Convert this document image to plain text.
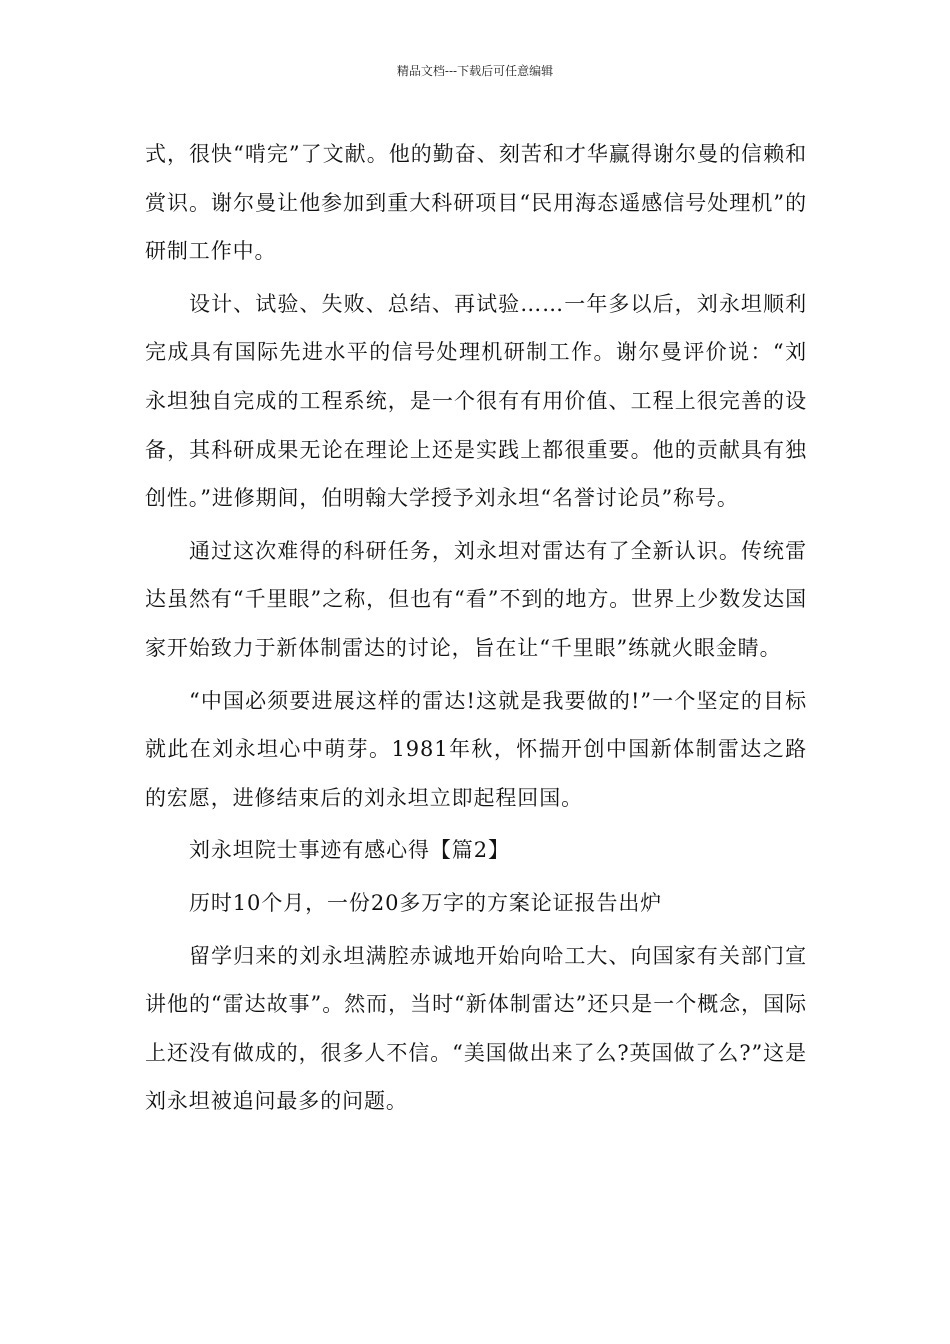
精品文档---下载后可任意编辑

式，很快“啃完”了文献。他的勤奋、刻苦和才华赢得谢尔曼的信赖和赏识。谢尔曼让他参加到重大科研项目“民用海态遥感信号处理机”的研制工作中。

设计、试验、失败、总结、再试验……一年多以后，刘永坦顺利完成具有国际先进水平的信号处理机研制工作。谢尔曼评价说：“刘永坦独自完成的工程系统，是一个很有有用价值、工程上很完善的设备，其科研成果无论在理论上还是实践上都很重要。他的贡献具有独创性。”进修期间，伯明翰大学授予刘永坦“名誉讨论员”称号。

通过这次难得的科研任务，刘永坦对雷达有了全新认识。传统雷达虽然有“千里眼”之称，但也有“看”不到的地方。世界上少数发达国家开始致力于新体制雷达的讨论，旨在让“千里眼”练就火眼金睛。

“中国必须要进展这样的雷达!这就是我要做的!”一个坚定的目标就此在刘永坦心中萌芽。1981年秋，怀揣开创中国新体制雷达之路的宏愿，进修结束后的刘永坦立即起程回国。

刘永坦院士事迹有感心得【篇2】

历时10个月，一份20多万字的方案论证报告出炉

留学归来的刘永坦满腔赤诚地开始向哈工大、向国家有关部门宣讲他的“雷达故事”。然而，当时“新体制雷达”还只是一个概念，国际上还没有做成的，很多人不信。“美国做出来了么?英国做了么?”这是刘永坦被追问最多的问题。
